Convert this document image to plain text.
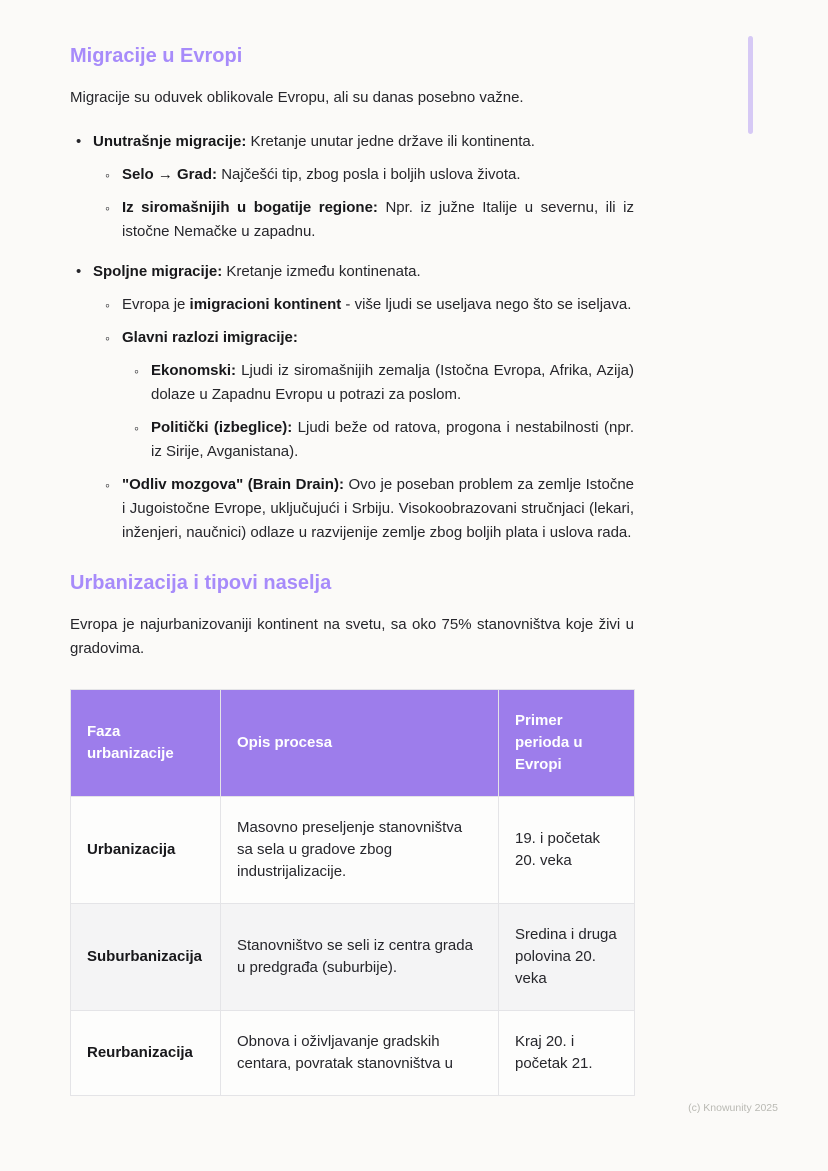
Migracije u Evropi

Migracije su oduvek oblikovale Evropu, ali su danas posebno važne.

• Unutrašnje migracije: Kretanje unutar jedne države ili kontinenta.
◦ Selo → Grad: Najčešći tip, zbog posla i boljih uslova života.
◦ Iz siromašnijih u bogatije regione: Npr. iz južne Italije u severnu, ili iz istočne Nemačke u zapadnu.
• Spoljne migracije: Kretanje između kontinenata.
◦ Evropa je imigracioni kontinent - više ljudi se useljava nego što se iseljava.
◦ Glavni razlozi imigracije:
◦ Ekonomski: Ljudi iz siromašnijih zemalja (Istočna Evropa, Afrika, Azija) dolaze u Zapadnu Evropu u potrazi za poslom.
◦ Politički (izbeglice): Ljudi beže od ratova, progona i nestabilnosti (npr. iz Sirije, Avganistana).
◦ "Odliv mozgova" (Brain Drain): Ovo je poseban problem za zemlje Istočne i Jugoistočne Evrope, uključujući i Srbiju. Visokoobrazovani stručnjaci (lekari, inženjeri, naučnici) odlaze u razvijenije zemlje zbog boljih plata i uslova rada.
Urbanizacija i tipovi naselja

Evropa je najurbanizovaniji kontinent na svetu, sa oko 75% stanovništva koje živi u gradovima.

Faza urbanizacije	Opis procesa	Primer perioda u Evropi
Urbanizacija	Masovno preseljenje stanovništva sa sela u gradove zbog industrijalizacije.	19. i početak 20. veka
Suburbanizacija	Stanovništvo se seli iz centra grada u predgrađa (suburbije).	Sredina i druga polovina 20. veka
Reurbanizacija	Obnova i oživljavanje gradskih centara, povratak stanovništva u	Kraj 20. i početak 21.
(c) Knowunity 2025
